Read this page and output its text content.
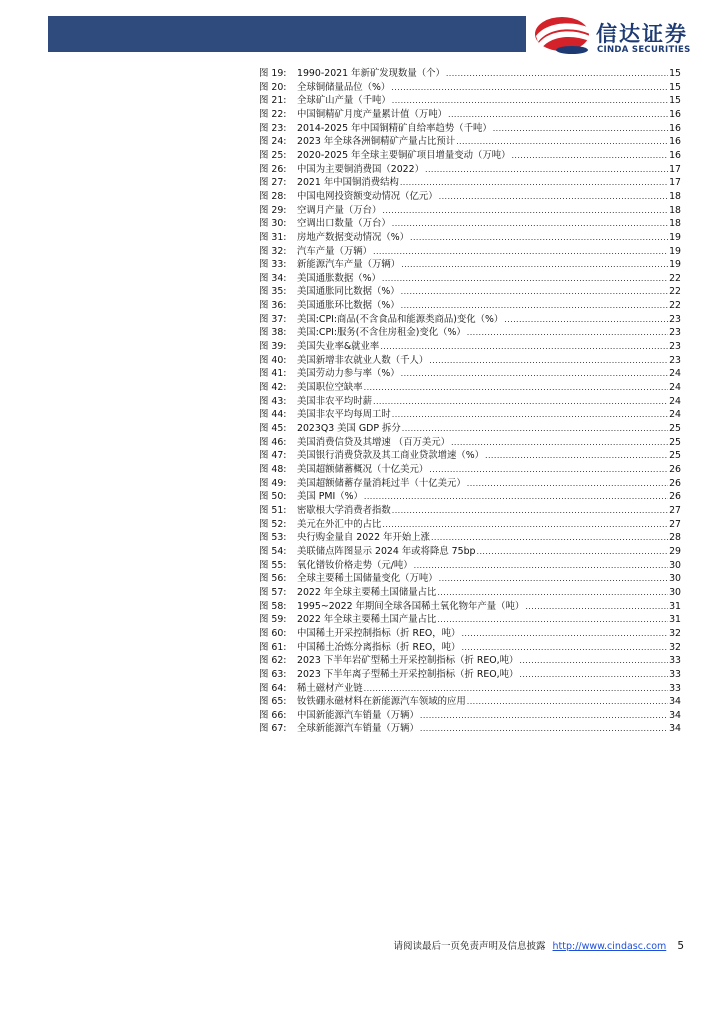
信达证券
CINDA SECURITIES
图 19:	1990-2021 年新矿发现数量（个） .....	15
图 20:	全球铜储量品位（%） .....	15
图 21:	全球矿山产量（千吨） .....	15
图 22:	中国铜精矿月度产量累计值（万吨） .....	16
图 23:	2014-2025 年中国铜精矿自给率趋势（千吨） .....	16
图 24:	2023 年全球各洲铜精矿产量占比预计 .....	16
图 25:	2020-2025 年全球主要铜矿项目增量变动（万吨） .....	16
图 26:	中国为主要铜消费国（2022） .....	17
图 27:	2021 年中国铜消费结构 .....	17
图 28:	中国电网投资额变动情况（亿元） .....	18
图 29:	空调月产量（万台） .....	18
图 30:	空调出口数量（万台） .....	18
图 31:	房地产数据变动情况（%） .....	19
图 32:	汽车产量（万辆） .....	19
图 33:	新能源汽车产量（万辆） .....	19
图 34:	美国通胀数据（%） .....	22
图 35:	美国通胀同比数据（%） .....	22
图 36:	美国通胀环比数据（%） .....	22
图 37:	美国:CPI:商品(不含食品和能源类商品)变化（%） .....	23
图 38:	美国:CPI:服务(不含住房租金)变化（%） .....	23
图 39:	美国失业率&就业率 .....	23
图 40:	美国新增非农就业人数（千人） .....	23
图 41:	美国劳动力参与率（%） .....	24
图 42:	美国职位空缺率 .....	24
图 43:	美国非农平均时薪 .....	24
图 44:	美国非农平均每周工时 .....	24
图 45:	2023Q3 美国 GDP 拆分 .....	25
图 46:	美国消费信贷及其增速 （百万美元） .....	25
图 47:	美国银行消费贷款及其工商业贷款增速（%） .....	25
图 48:	美国超额储蓄概况（十亿美元） .....	26
图 49:	美国超额储蓄存量消耗过半（十亿美元） .....	26
图 50:	美国 PMI（%） .....	26
图 51:	密歇根大学消费者指数 .....	27
图 52:	美元在外汇中的占比 .....	27
图 53:	央行购金量自 2022 年开始上涨 .....	28
图 54:	美联储点阵图显示 2024 年或将降息 75bp .....	29
图 55:	氧化镨钕价格走势（元/吨） .....	30
图 56:	全球主要稀土国储量变化（万吨） .....	30
图 57:	2022 年全球主要稀土国储量占比 .....	30
图 58:	1995~2022 年期间全球各国稀土氧化物年产量（吨） .....	31
图 59:	2022 年全球主要稀土国产量占比 .....	31
图 60:	中国稀土开采控制指标（折 REO，吨） .....	32
图 61:	中国稀土冶炼分离指标（折 REO，吨） .....	32
图 62:	2023 下半年岩矿型稀土开采控制指标（折 REO,吨） .....	33
图 63:	2023 下半年离子型稀土开采控制指标（折 REO,吨） .....	33
图 64:	稀土磁材产业链 .....	33
图 65:	钕铁硼永磁材料在新能源汽车领域的应用 .....	34
图 66:	中国新能源汽车销量（万辆） .....	34
图 67:	全球新能源汽车销量（万辆） .....	34
请阅读最后一页免责声明及信息披露 http://www.cindasc.com 5
